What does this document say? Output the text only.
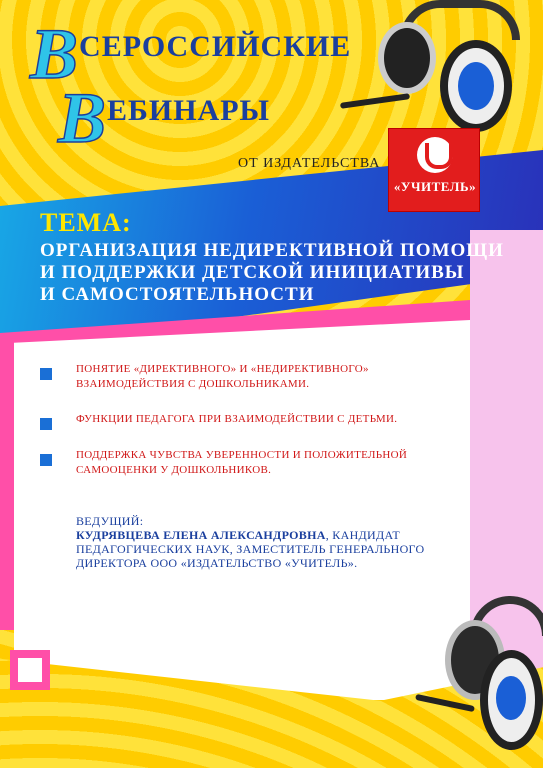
ВСЕРОССИЙСКИЕ
ВЕБИНАРЫ
ОТ ИЗДАТЕЛЬСТВА
«УЧИТЕЛЬ»
ТЕМА:
ОРГАНИЗАЦИЯ НЕДИРЕКТИВНОЙ ПОМОЩИ
И ПОДДЕРЖКИ ДЕТСКОЙ ИНИЦИАТИВЫ
И САМОСТОЯТЕЛЬНОСТИ
ПОНЯТИЕ «ДИРЕКТИВНОГО» И «НЕДИРЕКТИВНОГО»
ВЗАИМОДЕЙСТВИЯ С ДОШКОЛЬНИКАМИ.
ФУНКЦИИ ПЕДАГОГА ПРИ ВЗАИМОДЕЙСТВИИ С ДЕТЬМИ.
ПОДДЕРЖКА ЧУВСТВА УВЕРЕННОСТИ И ПОЛОЖИТЕЛЬНОЙ
САМООЦЕНКИ У ДОШКОЛЬНИКОВ.
ВЕДУЩИЙ:
КУДРЯВЦЕВА ЕЛЕНА АЛЕКСАНДРОВНА, КАНДИДАТ
ПЕДАГОГИЧЕСКИХ НАУК, ЗАМЕСТИТЕЛЬ ГЕНЕРАЛЬНОГО
ДИРЕКТОРА ООО «ИЗДАТЕЛЬСТВО «УЧИТЕЛЬ».
